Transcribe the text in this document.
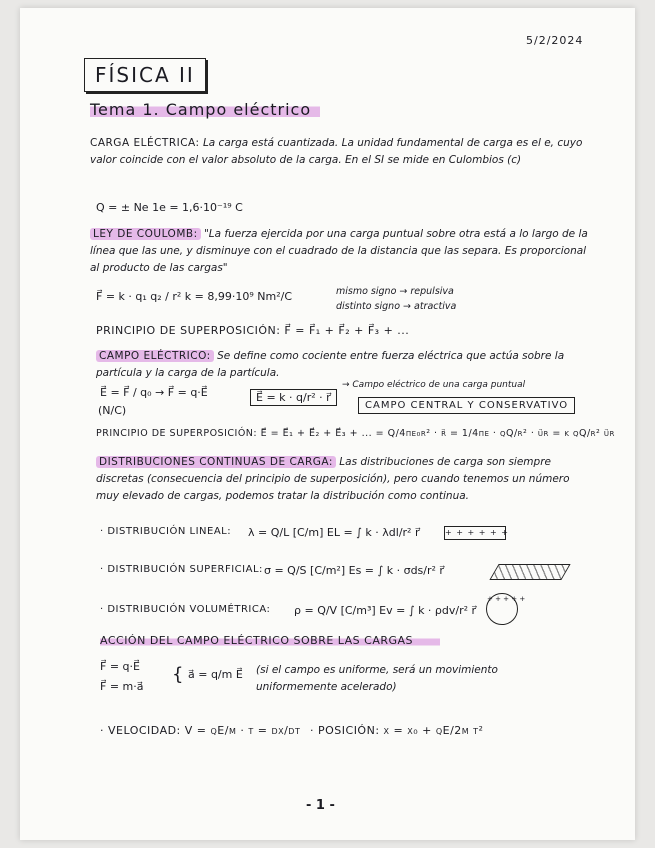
5/2/2024
FÍSICA II
Tema 1. Campo eléctrico
CARGA ELÉCTRICA: La carga está cuantizada. La unidad fundamental de carga es el e, cuyo valor coincide con el valor absoluto de la carga. En el SI se mide en Culombios (c)
Q = ± Ne 1e = 1,6·10⁻¹⁹ C
LEY DE COULOMB: "La fuerza ejercida por una carga puntual sobre otra está a lo largo de la línea que las une, y disminuye con el cuadrado de la distancia que las separa. Es proporcional al producto de las cargas"
F⃗ = k · q₁ q₂ / r² k = 8,99·10⁹ Nm²/C	mismo signo → repulsiva
distinto signo → atractiva
PRINCIPIO DE SUPERPOSICIÓN: F⃗ = F⃗₁ + F⃗₂ + F⃗₃ + ...
CAMPO ELÉCTRICO: Se define como cociente entre fuerza eléctrica que actúa sobre la partícula y la carga de la partícula.
E⃗ = F⃗ / q₀ → F⃗ = q·E⃗
(N/C)
E⃗ = k · q/r² · r⃗
→ Campo eléctrico de una carga puntual
CAMPO CENTRAL Y CONSERVATIVO
PRINCIPIO DE SUPERPOSICIÓN: E⃗ = E⃗₁ + E⃗₂ + E⃗₃ + ... = Q/4πε₀r² · r⃗ = 1/4πε · qQ/r² · u⃗r = k qQ/r² u⃗r
DISTRIBUCIONES CONTINUAS DE CARGA: Las distribuciones de carga son siempre discretas (consecuencia del principio de superposición), pero cuando tenemos un número muy elevado de cargas, podemos tratar la distribución como continua.
· DISTRIBUCIÓN LINEAL: λ = Q/L [C/m] EL = ∫ k · λdl/r² r⃗	+ + + + + +
· DISTRIBUCIÓN SUPERFICIAL: σ = Q/S [C/m²] Es = ∫ k · σds/r² r⃗
· DISTRIBUCIÓN VOLUMÉTRICA: ρ = Q/V [C/m³] Ev = ∫ k · ρdv/r² r⃗
+ + + + +
ACCIÓN DEL CAMPO ELÉCTRICO SOBRE LAS CARGAS
F⃗ = q·E⃗
F⃗ = m·a⃗
{ a⃗ = q/m E⃗ (si el campo es uniforme, será un movimiento uniformemente acelerado)
· VELOCIDAD: V = qE/m · t = dx/dt · POSICIÓN: x = x₀ + qE/2m t²
- 1 -
